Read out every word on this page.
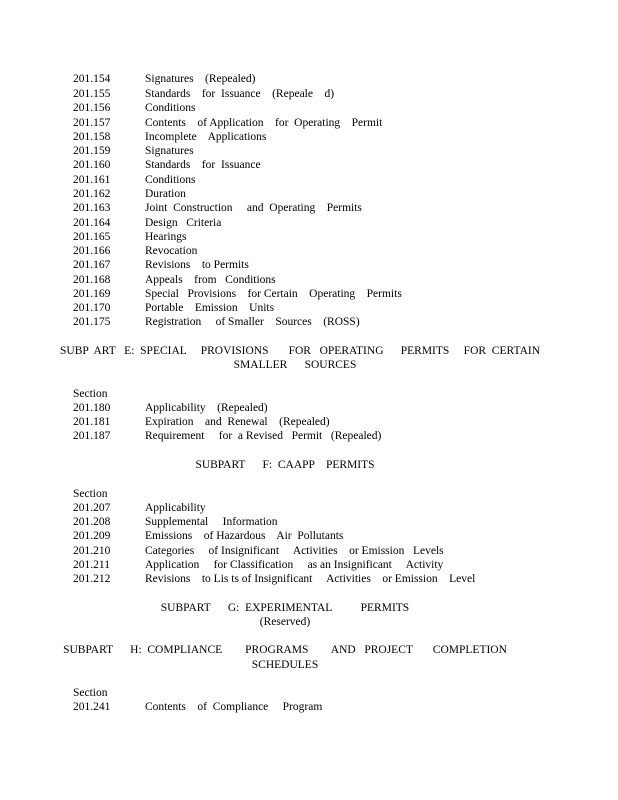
201.154	Signatures    (Repealed)
201.155	Standards    for  Issuance    (Repeale    d)
201.156	Conditions
201.157	Contents    of Application    for  Operating    Permit
201.158	Incomplete    Applications
201.159	Signatures
201.160	Standards    for  Issuance
201.161	Conditions
201.162	Duration
201.163	Joint  Construction     and  Operating    Permits
201.164	Design   Criteria
201.165	Hearings
201.166	Revocation
201.167	Revisions    to Permits
201.168	Appeals    from   Conditions
201.169	Special   Provisions    for Certain    Operating    Permits
201.170	Portable    Emission    Units
201.175	Registration     of Smaller    Sources    (ROSS)
SUBP  ART   E:  SPECIAL     PROVISIONS       FOR   OPERATING      PERMITS     FOR  CERTAIN
SMALLER      SOURCES
Section
201.180	Applicability    (Repealed)
201.181	Expiration    and  Renewal    (Repealed)
201.187	Requirement     for  a Revised   Permit   (Repealed)
SUBPART      F:  CAAPP    PERMITS
Section
201.207	Applicability
201.208	Supplemental     Information
201.209	Emissions    of Hazardous    Air  Pollutants
201.210	Categories     of Insignificant     Activities    or Emission   Levels
201.211	Application     for Classification     as an Insignificant     Activity
201.212	Revisions    to Lis ts of Insignificant     Activities    or Emission    Level
SUBPART      G:  EXPERIMENTAL          PERMITS
(Reserved)
SUBPART      H:  COMPLIANCE        PROGRAMS        AND   PROJECT       COMPLETION
SCHEDULES
Section
201.241	Contents    of  Compliance     Program
